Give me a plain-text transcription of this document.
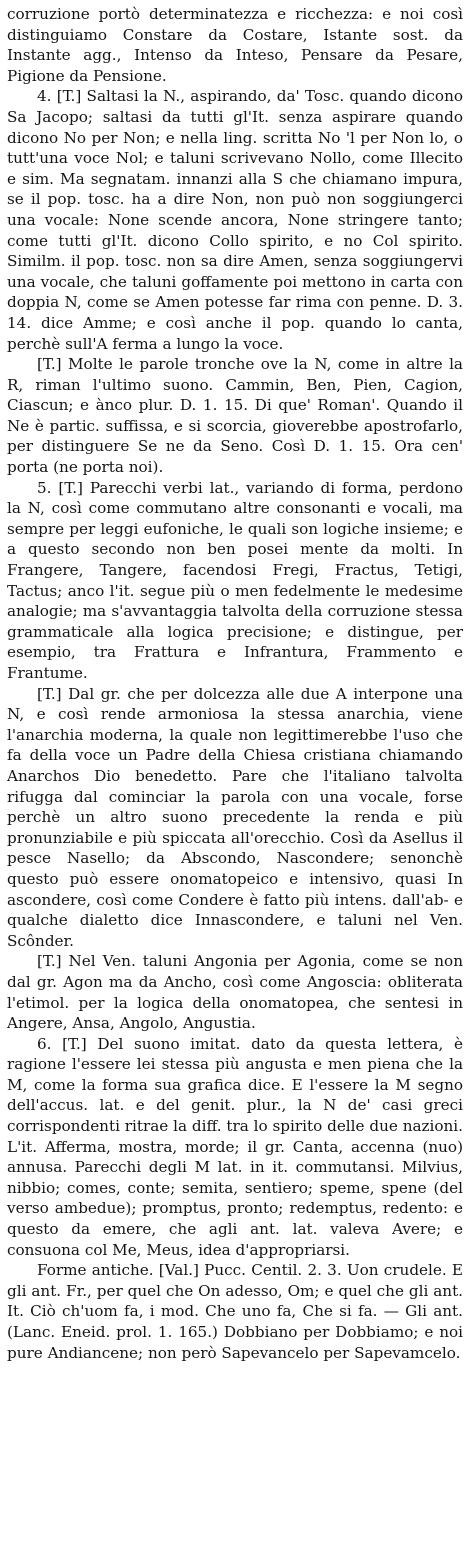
corruzione portò determinatezza e ricchezza: e noi così distinguiamo Constare da Costare, Istante sost. da Instante agg., Intenso da Inteso, Pensare da Pesare, Pigione da Pensione.

4. [T.] Saltasi la N., aspirando, da' Tosc. quando dicono Sa Jacopo; saltasi da tutti gl'It. senza aspirare quando dicono No per Non; e nella ling. scritta No 'l per Non lo, o tutt'una voce Nol; e taluni scrivevano Nollo, come Illecito e sim. Ma segnatam. innanzi alla S che chiamano impura, se il pop. tosc. ha a dire Non, non può non soggiungerci una vocale: None scende ancora, None stringere tanto; come tutti gl'It. dicono Collo spirito, e no Col spirito. Similm. il pop. tosc. non sa dire Amen, senza soggiungervi una vocale, che taluni goffamente poi mettono in carta con doppia N, come se Amen potesse far rima con penne. D. 3. 14. dice Amme; e così anche il pop. quando lo canta, perchè sull'A ferma a lungo la voce.

[T.] Molte le parole tronche ove la N, come in altre la R, riman l'ultimo suono. Cammin, Ben, Pien, Cagion, Ciascun; e ànco plur. D. 1. 15. Di que' Roman'. Quando il Ne è partic. suffissa, e si scorcia, gioverebbe apostrofarlo, per distinguere Se ne da Seno. Così D. 1. 15. Ora cen' porta (ne porta noi).

5. [T.] Parecchi verbi lat., variando di forma, perdono la N, così come commutano altre consonanti e vocali, ma sempre per leggi eufoniche, le quali son logiche insieme; e a questo secondo non ben posei mente da molti. In Frangere, Tangere, facendosi Fregi, Fractus, Tetigi, Tactus; anco l'it. segue più o men fedelmente le medesime analogie; ma s'avvantaggia talvolta della corruzione stessa grammaticale alla logica precisione; e distingue, per esempio, tra Frattura e Infrantura, Frammento e Frantume.

[T.] Dal gr. che per dolcezza alle due A interpone una N, e così rende armoniosa la stessa anarchia, viene l'anarchia moderna, la quale non legittimerebbe l'uso che fa della voce un Padre della Chiesa cristiana chiamando Anarchos Dio benedetto. Pare che l'italiano talvolta rifugga dal cominciar la parola con una vocale, forse perchè un altro suono precedente la renda e più pronunziabile e più spiccata all'orecchio. Così da Asellus il pesce Nasello; da Abscondo, Nascondere; senonchè questo può essere onomatopeico e intensivo, quasi In ascondere, così come Condere è fatto più intens. dall'ab- e qualche dialetto dice Innascondere, e taluni nel Ven. Scônder.

[T.] Nel Ven. taluni Angonia per Agonia, come se non dal gr. Agon ma da Ancho, così come Angoscia: obliterata l'etimol. per la logica della onomatopea, che sentesi in Angere, Ansa, Angolo, Angustia.

6. [T.] Del suono imitat. dato da questa lettera, è ragione l'essere lei stessa più angusta e men piena che la M, come la forma sua grafica dice. E l'essere la M segno dell'accus. lat. e del genit. plur., la N de' casi greci corrispondenti ritrae la diff. tra lo spirito delle due nazioni. L'it. Afferma, mostra, morde; il gr. Canta, accenna (nuo) annusa. Parecchi degli M lat. in it. commutansi. Milvius, nibbio; comes, conte; semita, sentiero; speme, spene (del verso ambedue); promptus, pronto; redemptus, redento: e questo da emere, che agli ant. lat. valeva Avere; e consuona col Me, Meus, idea d'appropriarsi.

Forme antiche. [Val.] Pucc. Centil. 2. 3. Uon crudele. E gli ant. Fr., per quel che On adesso, Om; e quel che gli ant. It. Ciò ch'uom fa, i mod. Che uno fa, Che si fa. — Gli ant. (Lanc. Eneid. prol. 1. 165.) Dobbiano per Dobbiamo; e noi pure Andiancene; non però Sapevancelo per Sapevamcelo.
